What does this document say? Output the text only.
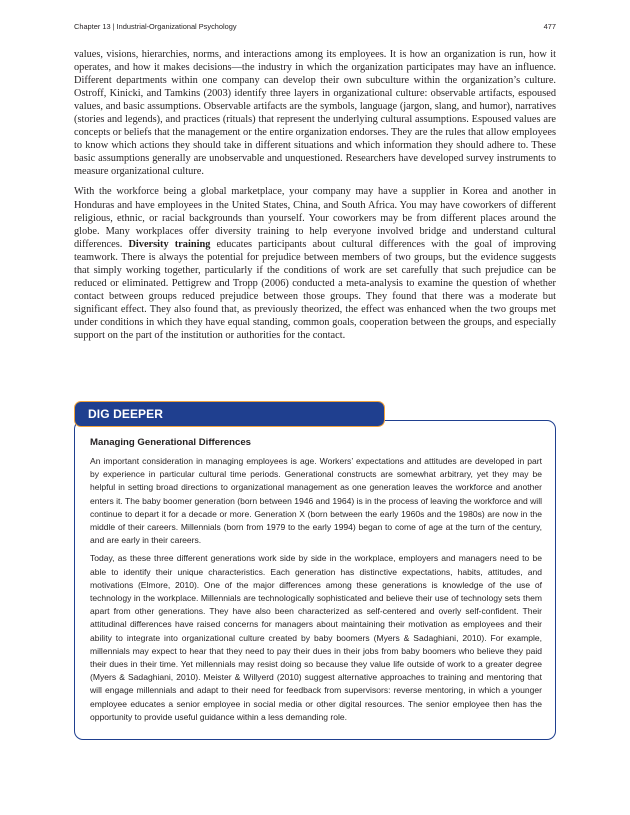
Chapter 13 | Industrial-Organizational Psychology	477

values, visions, hierarchies, norms, and interactions among its employees. It is how an organization is run, how it operates, and how it makes decisions—the industry in which the organization participates may have an influence. Different departments within one company can develop their own subculture within the organization’s culture. Ostroff, Kinicki, and Tamkins (2003) identify three layers in organizational culture: observable artifacts, espoused values, and basic assumptions. Observable artifacts are the symbols, language (jargon, slang, and humor), narratives (stories and legends), and practices (rituals) that represent the underlying cultural assumptions. Espoused values are concepts or beliefs that the management or the entire organization endorses. They are the rules that allow employees to know which actions they should take in different situations and which information they should adhere to. These basic assumptions generally are unobservable and unquestioned. Researchers have developed survey instruments to measure organizational culture.

With the workforce being a global marketplace, your company may have a supplier in Korea and another in Honduras and have employees in the United States, China, and South Africa. You may have coworkers of different religious, ethnic, or racial backgrounds than yourself. Your coworkers may be from different places around the globe. Many workplaces offer diversity training to help everyone involved bridge and understand cultural differences. Diversity training educates participants about cultural differences with the goal of improving teamwork. There is always the potential for prejudice between members of two groups, but the evidence suggests that simply working together, particularly if the conditions of work are set carefully that such prejudice can be reduced or eliminated. Pettigrew and Tropp (2006) conducted a meta-analysis to examine the question of whether contact between groups reduced prejudice between those groups. They found that there was a moderate but significant effect. They also found that, as previously theorized, the effect was enhanced when the two groups met under conditions in which they have equal standing, common goals, cooperation between the groups, and especially support on the part of the institution or authorities for the contact.

DIG DEEPER
Managing Generational Differences

An important consideration in managing employees is age. Workers’ expectations and attitudes are developed in part by experience in particular cultural time periods. Generational constructs are somewhat arbitrary, yet they may be helpful in setting broad directions to organizational management as one generation leaves the workforce and another enters it. The baby boomer generation (born between 1946 and 1964) is in the process of leaving the workforce and will continue to depart it for a decade or more. Generation X (born between the early 1960s and the 1980s) are now in the middle of their careers. Millennials (born from 1979 to the early 1994) began to come of age at the turn of the century, and are early in their careers.

Today, as these three different generations work side by side in the workplace, employers and managers need to be able to identify their unique characteristics. Each generation has distinctive expectations, habits, attitudes, and motivations (Elmore, 2010). One of the major differences among these generations is knowledge of the use of technology in the workplace. Millennials are technologically sophisticated and believe their use of technology sets them apart from other generations. They have also been characterized as self-centered and overly self-confident. Their attitudinal differences have raised concerns for managers about maintaining their motivation as employees and their ability to integrate into organizational culture created by baby boomers (Myers & Sadaghiani, 2010). For example, millennials may expect to hear that they need to pay their dues in their jobs from baby boomers who believe they paid their dues in their time. Yet millennials may resist doing so because they value life outside of work to a greater degree (Myers & Sadaghiani, 2010). Meister & Willyerd (2010) suggest alternative approaches to training and mentoring that will engage millennials and adapt to their need for feedback from supervisors: reverse mentoring, in which a younger employee educates a senior employee in social media or other digital resources. The senior employee then has the opportunity to provide useful guidance within a less demanding role.
